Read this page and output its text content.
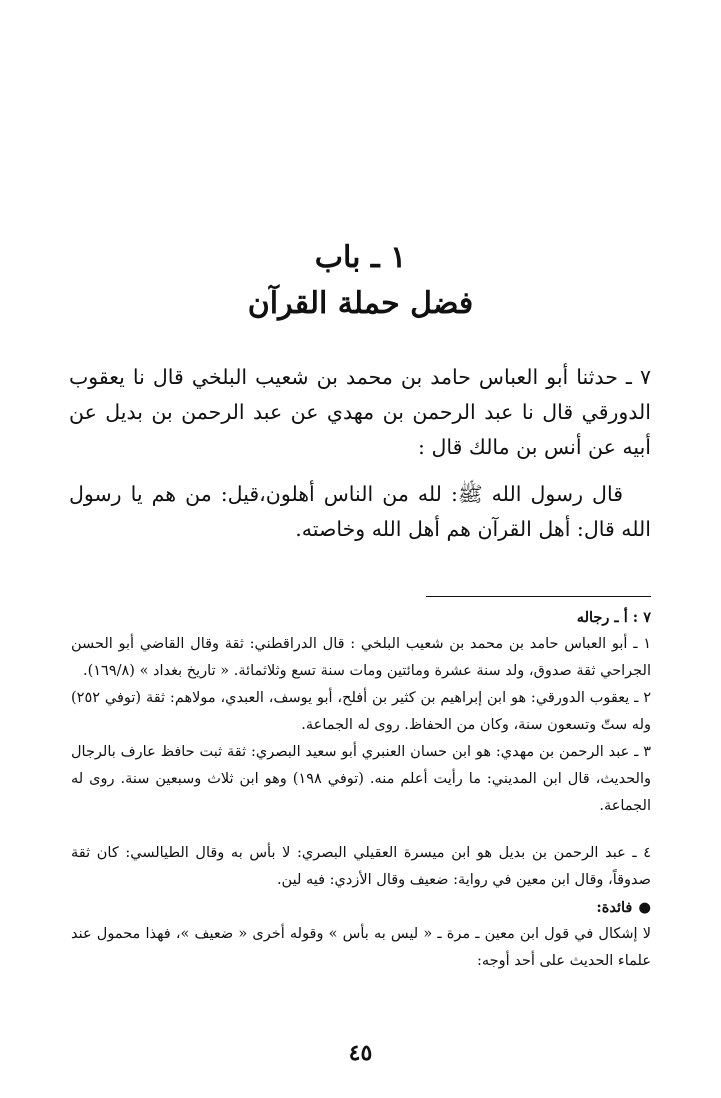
١ ـ باب
فضل حملة القرآن

٧ ـ حدثنا أبو العباس حامد بن محمد بن شعيب البلخي قال نا يعقوب الدورقي قال نا عبد الرحمن بن مهدي عن عبد الرحمن بن بديل عن أبيه عن أنس بن مالك قال :

قال رسول الله ﷺ: لله من الناس أهلون،قيل: من هم يا رسول الله قال: أهل القرآن هم أهل الله وخاصته.

٧ : أ ـ رجاله

١ ـ أبو العباس حامد بن محمد بن شعيب البلخي : قال الدراقطني: ثقة وقال القاضي أبو الحسن الجراحي ثقة صدوق، ولد سنة عشرة ومائتين ومات سنة تسع وثلاثمائة. « تاريخ بغداد » (١٦٩/٨).

٢ ـ يعقوب الدورقي: هو ابن إبراهيم بن كثير بن أفلح، أبو يوسف، العبدي، مولاهم: ثقة (توفي ٢٥٢) وله ستّ وتسعون سنة، وكان من الحفاظ. روى له الجماعة.

٣ ـ عبد الرحمن بن مهدي: هو ابن حسان العنبري أبو سعيد البصري: ثقة ثبت حافظ عارف بالرجال والحديث، قال ابن المديني: ما رأيت أعلم منه. (توفي ١٩٨) وهو ابن ثلاث وسبعين سنة. روى له الجماعة.

٤ ـ عبد الرحمن بن بديل هو ابن ميسرة العقيلي البصري: لا بأس به وقال الطيالسي: كان ثقة صدوقاً، وقال ابن معين في رواية: ضعيف وقال الأزدي: فيه لين.

●فائدة:

لا إشكال في قول ابن معين ـ مرة ـ « ليس به بأس » وقوله أخرى « ضعيف »، فهذا محمول عند علماء الحديث على أحد أوجه:

٤٥
